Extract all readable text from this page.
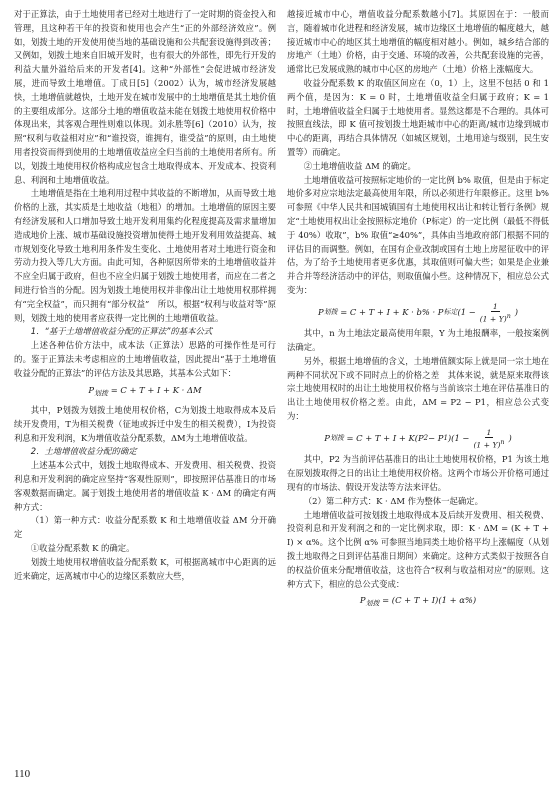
对于正算法，由于土地使用者已经对土地进行了一定时期的资金投入和管理，且这种若干年的投资和使用也会产生“正的外部经济效应”。例如，划拨土地的开发使用使当地的基础设施和公共配套设施得到改善；又例如，划拨土地来自旧城开发时，也有很大的外部性，即先行开发的利益大量外溢给后来的开发者[4]。这种“外部性”会促进城市经济发展，进而导致土地增值。丁成日[5]（2002）认为，城市经济发展越快，土地增值就越快，土地开发在城市发展中的土地增值是其土地价值的主要组成部分。这部分土地的增值收益未能在划拨土地使用权价格中体现出来，其客观合理性则难以体现。刘永胜等[6]（2010）认为，按照“权利与收益相对应”和“谁投资，谁拥有，谁受益”的原则，由土地使用者投资而得到使用的土地增值收益应全归当前的土地使用者所有。所以，划拨土地使用权价格构成应包含土地取得成本、开发成本、投资利息、利润和土地增值收益。

土地增值是指在土地利用过程中其收益的不断增加，从而导致土地价格的上涨，其实质是土地收益（地租）的增加。土地增值的原因主要有经济发展和人口增加导致土地开发利用集约化程度提高及需求量增加造成地价上涨、城市基础设施投资增加使得土地开发利用效益提高、城市规划变化导致土地利用条件发生变化、土地使用者对土地进行资金和劳动力投入等几大方面。由此可知，各种原因所带来的土地增值收益并不应全归属于政府，但也不应全归属于划拨土地使用者，而应在二者之间进行恰当的分配。因为划拨土地使用权并非像出让土地使用权那样拥有“完全权益”，而只拥有“部分权益”　所以，根据“权利与收益对等”原则，划拨土地的使用者应获得一定比例的土地增值收益。

1．“基于土地增值收益分配的正算法”的基本公式

上述各种估价方法中，成本法（正算法）思路的可操作性是可行的。鉴于正算法未考虑相应的土地增值收益，因此提出“基于土地增值收益分配的正算法”的评估方法及其思路，其基本公式如下：

$P_{划拨} = C + T + I + K \cdot \Delta M$

其中，P划拨为划拨土地使用权价格，C为划拨土地取得成本及后续开发费用，T为相关税费（征地或拆迁中发生的相关税费），I为投资利息和开发利润，K为增值收益分配系数，ΔM为土地增值收益。

2．土地增值收益分配的确定

上述基本公式中，划拨土地取得成本、开发费用、相关税费、投资利息和开发利润的确定应坚持“客观性原则”，即按照评估基准日的市场客观数据而确定。属于划拨土地使用者的增值收益 K · ΔM 的确定有两种方式：

（1）第一种方式：收益分配系数 K 和土地增值收益 ΔM 分开确定

①收益分配系数 K 的确定。

划拨土地使用权增值收益分配系数 K，可根据离城市中心距离的远近来确定，远离城市中心的边缘区系数应大些，

越接近城市中心，增值收益分配系数越小[7]。其原因在于：一般而言，随着城市化进程和经济发展，城市边缘区土地增值的幅度越大，越接近城市中心的地区其土地增值的幅度相对越小。例如，城乡结合部的房地产（土地）价格，由于交通、环境的改善，公共配套设施的完善，通常比已发展成熟的城市中心区的房地产（土地）价格上涨幅度大。

收益分配系数 K 的取值区间应在（0，1）上，这里不包括 0 和 1 两个值，是因为：K = 0 时，土地增值收益全归属于政府；K = 1 时，土地增值收益全归属于土地使用者。显然这都是不合理的。具体可按照直线法，即 K 值可按划拨土地距城市中心的距离/城市边缘到城市中心的距离，再结合具体情况（如城区规划，土地用途与级别，民生安置等）而确定。

②土地增值收益 ΔM 的确定。

土地增值收益可按照标定地价的一定比例 b% 取值，但是由于标定地价多对应宗地法定最高使用年限，所以必须进行年限修正。这里 b% 可参照《中华人民共和国城镇国有土地使用权出让和转让暂行条例》规定“土地使用权出让金按照标定地价（P标定）的一定比例（最低不得低于 40%）收取”，b% 取值“≥40%”，具体由当地政府部门根据不同的评估目的而调整。例如，在国有企业改制或国有土地上房屋征收中的评估，为了给予土地使用者更多优惠，其取值则可偏大些；如果是企业兼并合并等经济活动中的评估，则取值偏小些。这种情况下，相应总公式变为：

P 划拨
= C + T + I + K · b% · P 标定 ($1 - \frac{1}{(1 + Y)^n}$ )

其中，n 为土地法定最高使用年限，Y 为土地报酬率，一般按案例法确定。

另外，根据土地增值的含义，土地增值额实际上就是同一宗土地在两种不同状况下或不同时点上的价格之差　其体来说，就是原来取得该宗土地使用权时的出让土地使用权价格与当前该宗土地在评估基准日的出让土地使用权价格之差。由此，ΔM = P2 − P1，相应总公式变为：

P 划拨
= C + T + I + K(P 2 − P 1 )($1 - \frac{1}{(1 + Y)^n}$ )

其中，P2 为当前评估基准日的出让土地使用权价格，P1 为该土地在原划拨取得之日的出让土地使用权价格。这两个市场公开价格可通过现有的市场法、假设开发法等方法来评估。

（2）第二种方式：K · ΔM 作为整体一起确定。

土地增值收益可按划拨土地取得成本及后续开发费用、相关税费、投资利息和开发利润之和的一定比例求取，即：K · ΔM = (K + T + I) × α%。这个比例 α% 可参照当地同类土地价格平均上涨幅度（从划拨土地取得之日到评估基准日期间）来确定。这种方式类似于按照各自的权益价值来分配增值收益，这也符合“权利与收益相对应”的原则。这种方式下，相应的总公式变成：

$P_{划拨} = (C + T + I)(1 + \alpha\%)$

110
